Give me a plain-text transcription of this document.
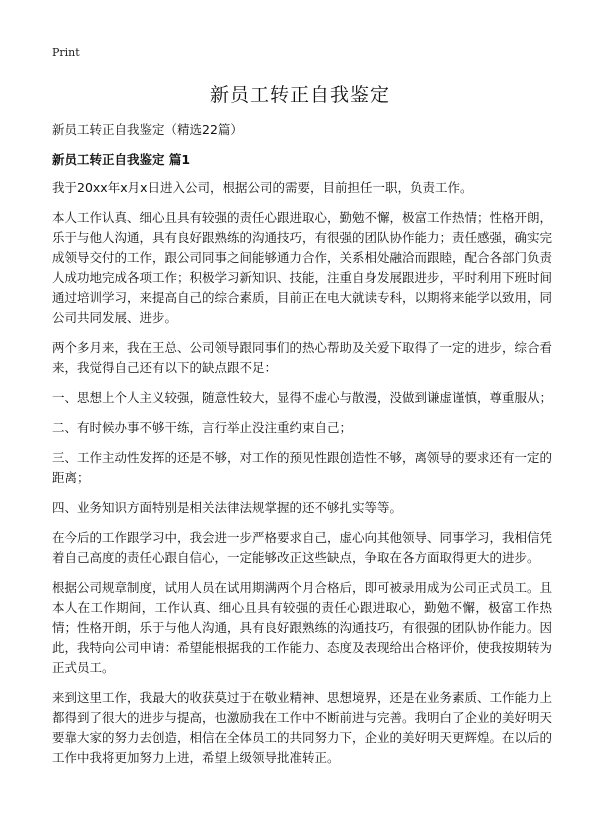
Print
新员工转正自我鉴定

新员工转正自我鉴定（精选22篇）

新员工转正自我鉴定 篇1

我于20xx年x月x日进入公司，根据公司的需要，目前担任一职，负责工作。

本人工作认真、细心且具有较强的责任心跟进取心，勤勉不懈，极富工作热情；性格开朗，乐于与他人沟通，具有良好跟熟练的沟通技巧，有很强的团队协作能力；责任感强，确实完成领导交付的工作，跟公司同事之间能够通力合作，关系相处融洽而跟睦，配合各部门负责人成功地完成各项工作；积极学习新知识、技能，注重自身发展跟进步，平时利用下班时间通过培训学习，来提高自己的综合素质，目前正在电大就读专科，以期将来能学以致用，同公司共同发展、进步。

两个多月来，我在王总、公司领导跟同事们的热心帮助及关爱下取得了一定的进步，综合看来，我觉得自己还有以下的缺点跟不足：

一、思想上个人主义较强，随意性较大，显得不虚心与散漫，没做到谦虚谨慎，尊重服从；

二、有时候办事不够干练，言行举止没注重约束自己；

三、工作主动性发挥的还是不够，对工作的预见性跟创造性不够，离领导的要求还有一定的距离；

四、业务知识方面特别是相关法律法规掌握的还不够扎实等等。

在今后的工作跟学习中，我会进一步严格要求自己，虚心向其他领导、同事学习，我相信凭着自己高度的责任心跟自信心，一定能够改正这些缺点，争取在各方面取得更大的进步。

根据公司规章制度，试用人员在试用期满两个月合格后，即可被录用成为公司正式员工。且本人在工作期间，工作认真、细心且具有较强的责任心跟进取心，勤勉不懈，极富工作热情；性格开朗，乐于与他人沟通，具有良好跟熟练的沟通技巧，有很强的团队协作能力。因此，我特向公司申请：希望能根据我的工作能力、态度及表现给出合格评价，使我按期转为正式员工。

来到这里工作，我最大的收获莫过于在敬业精神、思想境界，还是在业务素质、工作能力上都得到了很大的进步与提高，也激励我在工作中不断前进与完善。我明白了企业的美好明天要靠大家的努力去创造，相信在全体员工的共同努力下，企业的美好明天更辉煌。在以后的工作中我将更加努力上进，希望上级领导批准转正。
